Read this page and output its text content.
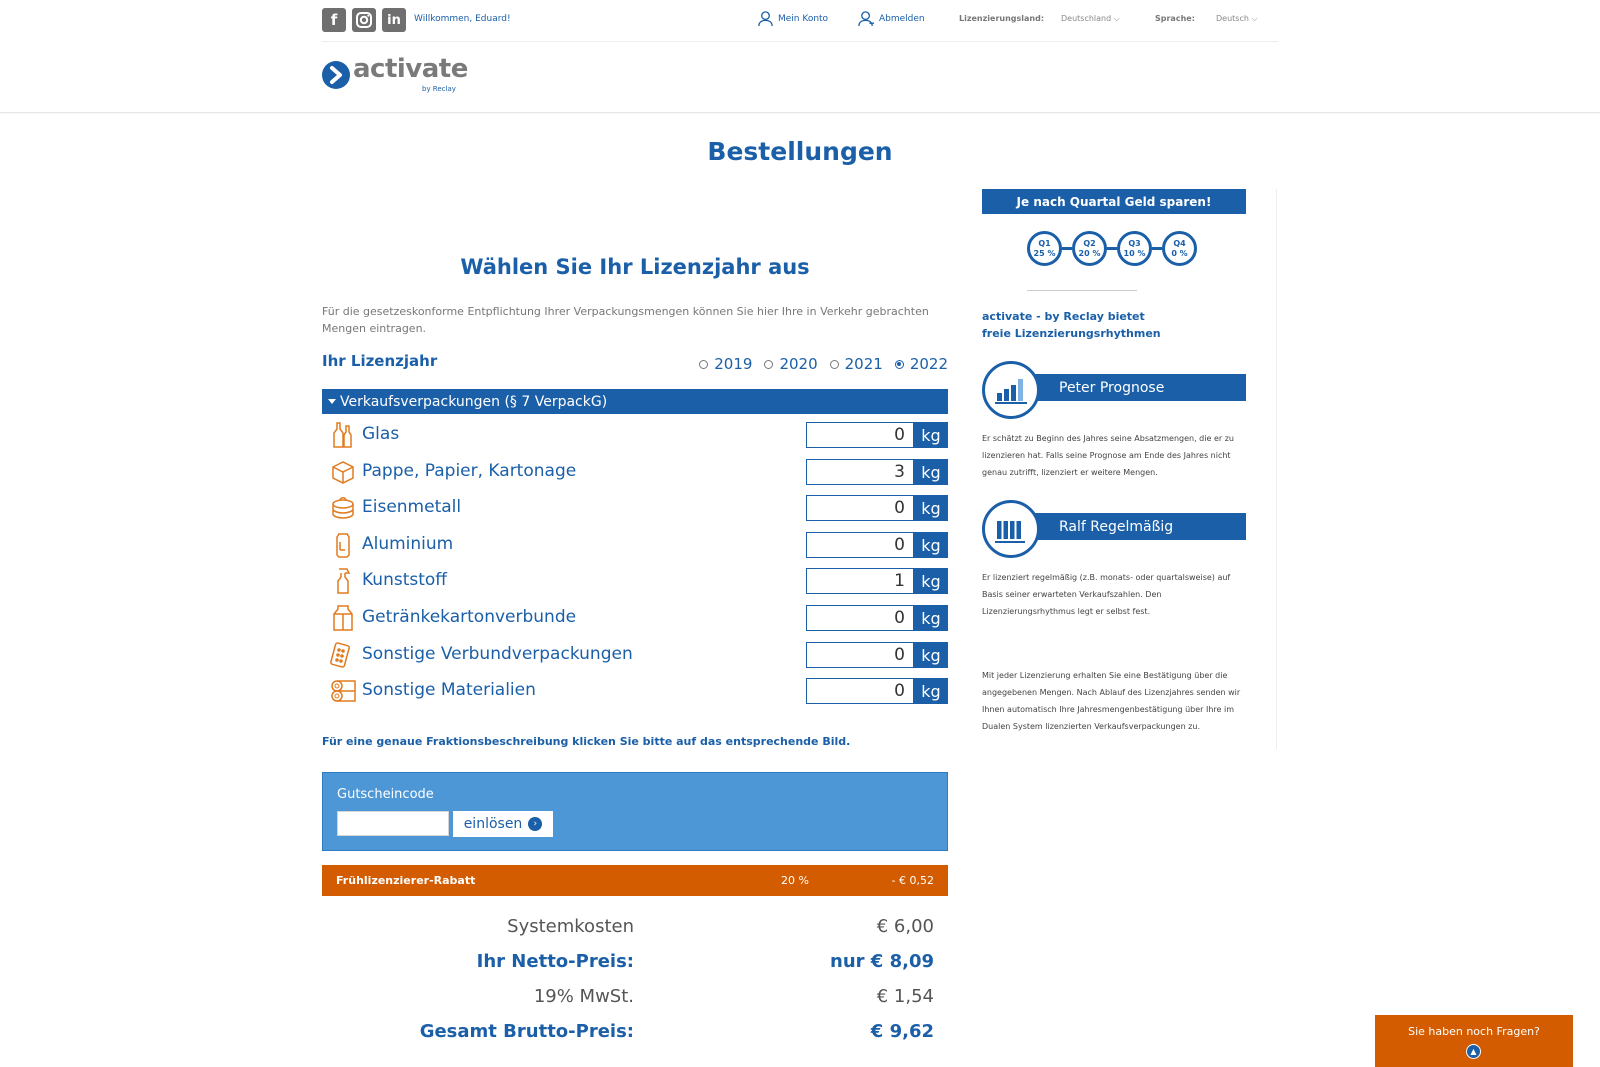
f	in	Willkommen, Eduard!	Mein Konto	Abmelden	Lizenzierungsland: Deutschland ⌵	Sprache:	Deutsch ⌵
activate
by Reclay
Bestellungen
Wählen Sie Ihr Lizenzjahr aus

Für die gesetzeskonforme Entpflichtung Ihrer Verpackungsmengen können Sie hier Ihre in Verkehr gebrachten Mengen eintragen.

Ihr Lizenzjahr	2019 2020 2021 2022
Verkaufsverpackungen (§ 7 VerpackG)
Glas	0	kg
Pappe, Papier, Kartonage	3	kg
Eisenmetall	0	kg
Aluminium	0	kg
Kunststoff	1	kg
Getränkekartonverbunde	0	kg
Sonstige Verbundverpackungen	0	kg
Sonstige Materialien	0	kg

Für eine genaue Fraktionsbeschreibung klicken Sie bitte auf das entsprechende Bild.

Gutscheincode
einlösen	›
Frühlizenzierer-Rabatt	20 %	- € 0,52
Systemkosten	€ 6,00
Ihr Netto-Preis:	nur € 8,09
19% MwSt.	€ 1,54
Gesamt Brutto-Preis:	€ 9,62
Je nach Quartal Geld sparen!
Q1
25 %
Q2
20 %
Q3
10 %
Q4
0 %
activate - by Reclay bietet
freie Lizenzierungsrhythmen
Peter Prognose

Er schätzt zu Beginn des Jahres seine Absatzmengen, die er zu lizenzieren hat. Falls seine Prognose am Ende des Jahres nicht genau zutrifft, lizenziert er weitere Mengen.

Ralf Regelmäßig

Er lizenziert regelmäßig (z.B. monats- oder quartalsweise) auf Basis seiner erwarteten Verkaufszahlen. Den Lizenzierungsrhythmus legt er selbst fest.

Mit jeder Lizenzierung erhalten Sie eine Bestätigung über die angegebenen Mengen. Nach Ablauf des Lizenzjahres senden wir Ihnen automatisch Ihre Jahresmengenbestätigung über Ihre im Dualen System lizenzierten Verkaufsverpackungen zu.

Sie haben noch Fragen?
▲
